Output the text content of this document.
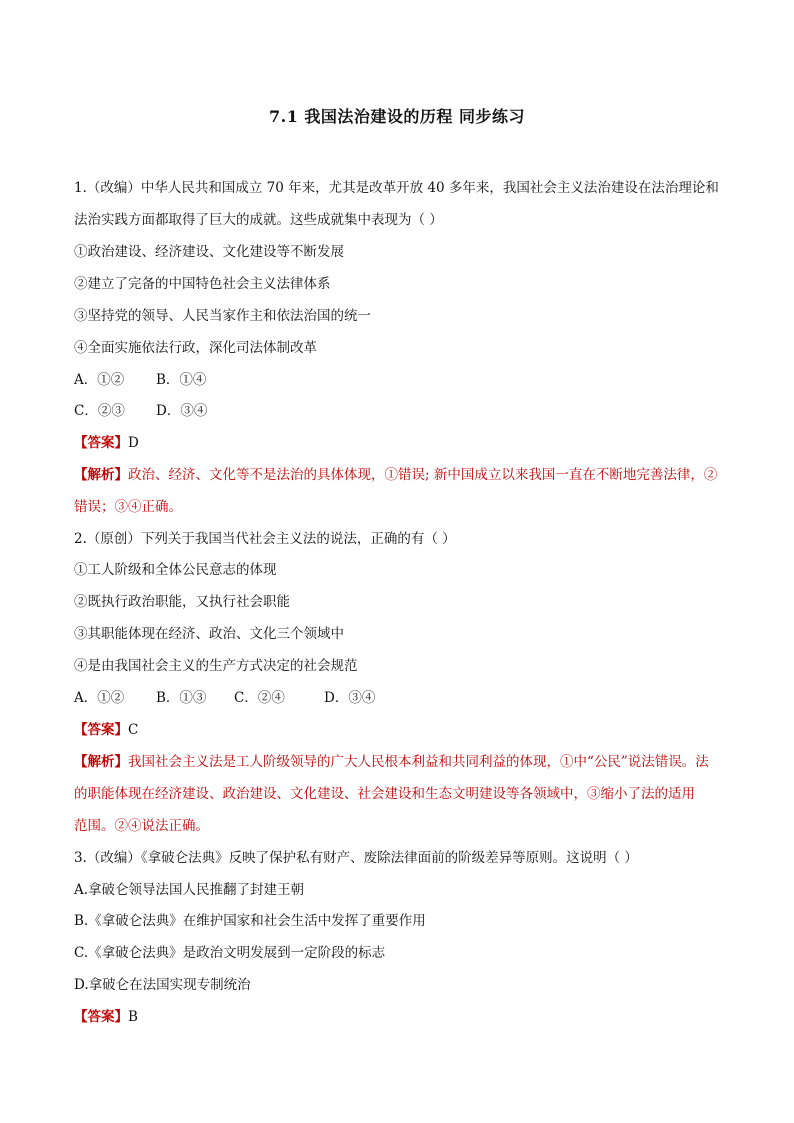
7.1 我国法治建设的历程 同步练习
1.（改编）中华人民共和国成立 70 年来，尤其是改革开放 40 多年来，我国社会主义法治建设在法治理论和
法治实践方面都取得了巨大的成就。这些成就集中表现为（ ）
①政治建设、经济建设、文化建设等不断发展
②建立了完备的中国特色社会主义法律体系
③坚持党的领导、人民当家作主和依法治国的统一
④全面实施依法行政，深化司法体制改革
A．①② B．①④
C．②③ D．③④
【答案】D
【解析】政治、经济、文化等不是法治的具体体现，①错误; 新中国成立以来我国一直在不断地完善法律，②
错误；③④正确。
2.（原创）下列关于我国当代社会主义法的说法，正确的有（ ）
①工人阶级和全体公民意志的体现
②既执行政治职能，又执行社会职能
③其职能体现在经济、政治、文化三个领域中
④是由我国社会主义的生产方式决定的社会规范
A．①② B．①③ C．②④	D．③④
【答案】C
【解析】我国社会主义法是工人阶级领导的广大人民根本利益和共同利益的体现，①中“公民”说法错误。法
的职能体现在经济建设、政治建设、文化建设、社会建设和生态文明建设等各领域中，③缩小了法的适用
范围。②④说法正确。
3.（改编）《拿破仑法典》反映了保护私有财产、废除法律面前的阶级差异等原则。这说明（ ）
A.拿破仑领导法国人民推翻了封建王朝
B.《拿破仑法典》在维护国家和社会生活中发挥了重要作用
C.《拿破仑法典》是政治文明发展到一定阶段的标志
D.拿破仑在法国实现专制统治
【答案】B
